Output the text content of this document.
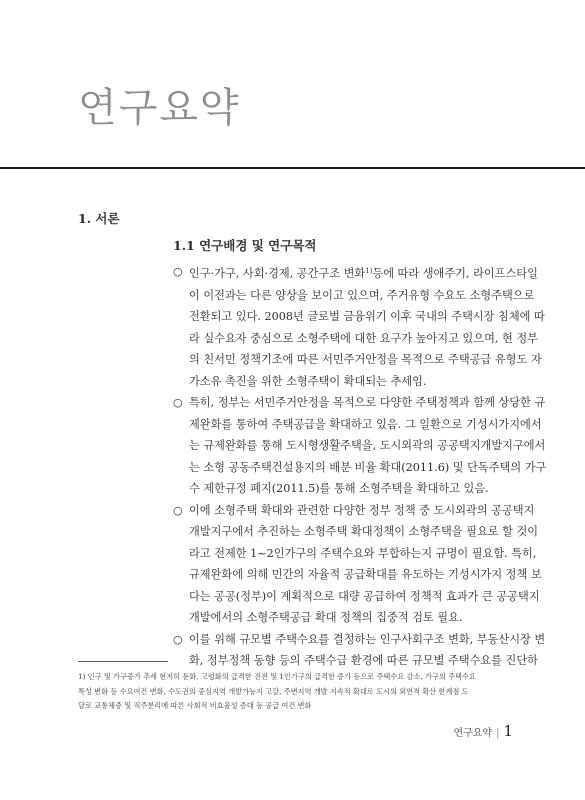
연구요약
1. 서론
1.1 연구배경 및 연구목적
○ 인구·가구, 사회·경제, 공간구조 변화$^{1)}$등에 따라 생애주기, 라이프스타일
이 이전과는 다른 양상을 보이고 있으며, 주거유형 수요도 소형주택으로
전환되고 있다. 2008년 글로벌 금융위기 이후 국내의 주택시장 침체에 따
라 실수요자 중심으로 소형주택에 대한 요구가 높아지고 있으며, 현 정부
의 친서민 정책기조에 따른 서민주거안정을 목적으로 주택공급 유형도 자
가소유 촉진을 위한 소형주택이 확대되는 추세임.

○ 특히, 정부는 서민주거안정을 목적으로 다양한 주택정책과 함께 상당한 규
제완화를 통하여 주택공급을 확대하고 있음. 그 일환으로 기성시가지에서
는 규제완화를 통해 도시형생활주택을, 도시외곽의 공공택지개발지구에서
는 소형 공동주택건설용지의 배분 비율 확대(2011.6) 및 단독주택의 가구
수 제한규정 폐지(2011.5)를 통해 소형주택을 확대하고 있음.

○ 이에 소형주택 확대와 관련한 다양한 정부 정책 중 도시외곽의 공공택지
개발지구에서 추진하는 소형주택 확대정책이 소형주택을 필요로 할 것이
라고 전제한 1~2인가구의 주택수요와 부합하는지 규명이 필요함. 특히,
규제완화에 의해 민간의 자율적 공급확대를 유도하는 기성시가지 정책 보
다는 공공(정부)이 계획적으로 대량 공급하여 정책적 효과가 큰 공공택지
개발에서의 소형주택공급 확대 정책의 집중적 검토 필요.

○ 이를 위해 규모별 주택수요를 결정하는 인구사회구조 변화, 부동산시장 변
화, 정부정책 동향 등의 주택수급 환경에 따른 규모별 주택수요를 진단하

1) 인구 및 가구증가 추세 현저히 둔화, 고령화의 급격한 진전 및 1인가구의 급격한 증가 등으로 주택수요 감소, 가구의 주택수요
특성 변화 등 수요여건 변화, 수도권의 중심지역 개발가능지 고갈, 주변지역 개발 지속적 확대로 도시의 외연적 확산 한계점 도
달로 교통체증 및 직주분리에 따른 사회적 비효율성 증대 등 공급 여건 변화
연구요약 | 1
